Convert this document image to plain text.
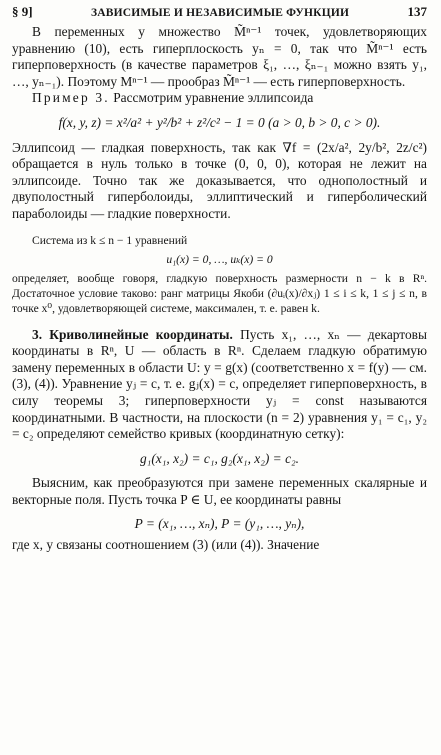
§ 9]	ЗАВИСИМЫЕ И НЕЗАВИСИМЫЕ ФУНКЦИИ	137

В переменных y множество M̃ⁿ⁻¹ точек, удовлетворяющих уравнению (10), есть гиперплоскость yₙ = 0, так что M̃ⁿ⁻¹ есть гиперповерхность (в качестве параметров ξ₁, …, ξₙ₋₁ можно взять y₁, …, yₙ₋₁). Поэтому Mⁿ⁻¹ — прообраз M̃ⁿ⁻¹ — есть гиперповерхность.

Пример 3. Рассмотрим уравнение эллипсоида

f(x, y, z) = x²/a² + y²/b² + z²/c² − 1 = 0 (a > 0, b > 0, c > 0).

Эллипсоид — гладкая поверхность, так как ∇f = (2x/a², 2y/b², 2z/c²) обращается в нуль только в точке (0, 0, 0), которая не лежит на эллипсоиде. Точно так же доказывается, что однополостный и двуполостный гиперболоиды, эллиптический и гиперболический параболоиды — гладкие поверхности.

Система из k ≤ n − 1 уравнений

u₁(x) = 0, …, uₖ(x) = 0

определяет, вообще говоря, гладкую поверхность размерности n − k в Rⁿ. Достаточное условие таково: ранг матрицы Якоби (∂uᵢ(x)/∂xⱼ) 1 ≤ i ≤ k, 1 ≤ j ≤ n, в точке x⁰, удовлетворяющей системе, максимален, т. е. равен k.

3. Криволинейные координаты. Пусть x₁, …, xₙ — декартовы координаты в Rⁿ, U — область в Rⁿ. Сделаем гладкую обратимую замену переменных в области U: y = g(x) (соответственно x = f(y) — см. (3), (4)). Уравнение yⱼ = c, т. е. gⱼ(x) = c, определяет гиперповерхность, в силу теоремы 3; гиперповерхности yⱼ = const называются координатными. В частности, на плоскости (n = 2) уравнения y₁ = c₁, y₂ = c₂ определяют семейство кривых (координатную сетку):

g₁(x₁, x₂) = c₁, g₂(x₁, x₂) = c₂.

Выясним, как преобразуются при замене переменных скалярные и векторные поля. Пусть точка P ∈ U, ее координаты равны

P = (x₁, …, xₙ), P = (y₁, …, yₙ),

где x, y связаны соотношением (3) (или (4)). Значение
